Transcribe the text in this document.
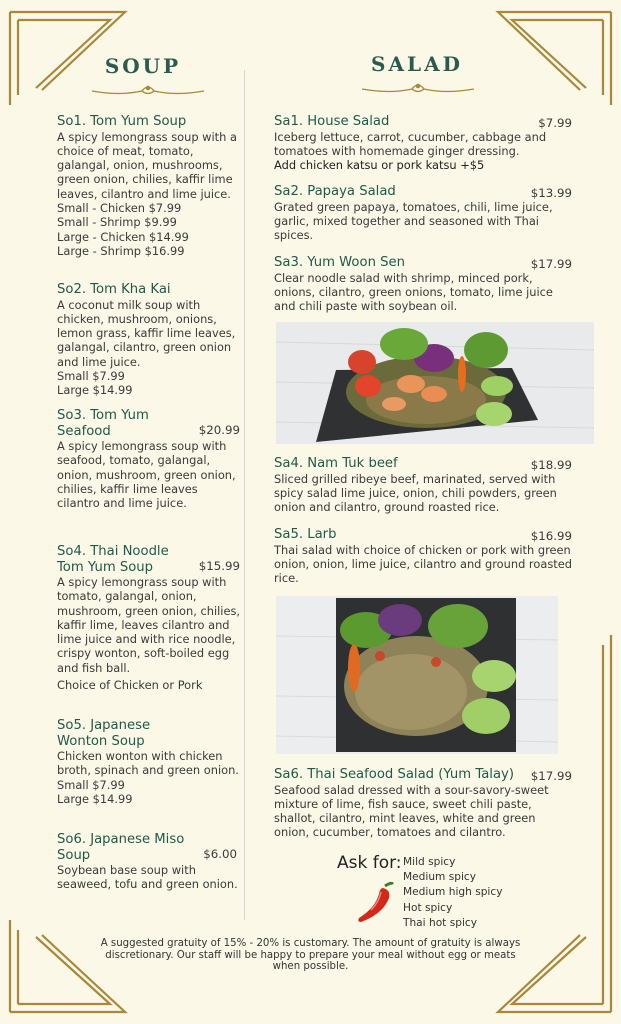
SOUP	SALAD
So1. Tom Yum Soup
A spicy lemongrass soup with a choice of meat, tomato, galangal, onion, mushrooms, green onion, chilies, kaffir lime leaves, cilantro and lime juice.
Small - Chicken $7.99
Small - Shrimp $9.99
Large - Chicken $14.99
Large - Shrimp $16.99
So2. Tom Kha Kai
A coconut milk soup with chicken, mushroom, onions, lemon grass, kaffir lime leaves, galangal, cilantro, green onion and lime juice.
Small $7.99
Large $14.99
So3. Tom Yum Seafood	$20.99
A spicy lemongrass soup with seafood, tomato, galangal, onion, mushroom, green onion, chilies, kaffir lime leaves cilantro and lime juice.
So4. Thai Noodle Tom Yum Soup	$15.99
A spicy lemongrass soup with tomato, galangal, onion, mushroom, green onion, chilies, kaffir lime, leaves cilantro and lime juice and with rice noodle, crispy wonton, soft-boiled egg and fish ball.
Choice of Chicken or Pork
So5. Japanese Wonton Soup
Chicken wonton with chicken broth, spinach and green onion.
Small $7.99
Large $14.99
So6. Japanese Miso Soup	$6.00
Soybean base soup with seaweed, tofu and green onion.
Sa1. House Salad	$7.99
Iceberg lettuce, carrot, cucumber, cabbage and tomatoes with homemade ginger dressing.
Add chicken katsu or pork katsu +$5
Sa2. Papaya Salad	$13.99
Grated green papaya, tomatoes, chili, lime juice, garlic, mixed together and seasoned with Thai spices.
Sa3. Yum Woon Sen	$17.99
Clear noodle salad with shrimp, minced pork, onions, cilantro, green onions, tomato, lime juice and chili paste with soybean oil.
Sa4. Nam Tuk beef	$18.99
Sliced grilled ribeye beef, marinated, served with spicy salad lime juice, onion, chili powders, green onion and cilantro, ground roasted rice.
Sa5. Larb	$16.99
Thai salad with choice of chicken or pork with green onion, onion, lime juice, cilantro and ground roasted rice.
Sa6. Thai Seafood Salad (Yum Talay)	$17.99
Seafood salad dressed with a sour-savory-sweet mixture of lime, fish sauce, sweet chili paste, shallot, cilantro, mint leaves, white and green onion, cucumber, tomatoes and cilantro.
Ask for: Mild spicy
Medium spicy
Medium high spicy
Hot spicy
Thai hot spicy
A suggested gratuity of 15% - 20% is customary. The amount of gratuity is always discretionary. Our staff will be happy to prepare your meal without egg or meats when possible.
